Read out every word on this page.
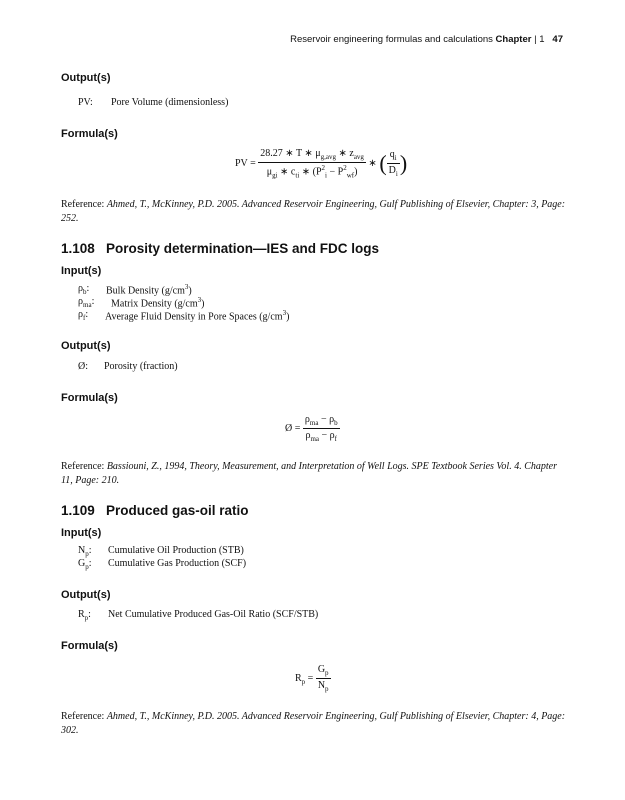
Reservoir engineering formulas and calculations Chapter | 1 47
Output(s)
PV: Pore Volume (dimensionless)
Formula(s)
PV = $\frac{28.27 ∗ T ∗ \mu_{g,avg} ∗ z_{avg}}{\mu_{gi} ∗ c_{ti} ∗ (P^2_i - P^2_{wf})}$ ∗ ( $\frac{q_i}{D_i}$ )
Reference: Ahmed, T., McKinney, P.D. 2005. Advanced Reservoir Engineering, Gulf Publishing of Elsevier, Chapter: 3, Page: 252.
1.108 Porosity determination—IES and FDC logs
Input(s)
$\rho_b$: Bulk Density $(g/cm^3)$
$\rho_{ma}$: Matrix Density $(g/cm^3)$
$\rho_f$: Average Fluid Density in Pore Spaces $(g/cm^3)$
Output(s)
Ø: Porosity (fraction)
Formula(s)
Ø = $\frac{\rho_{ma} - \rho_b}{\rho_{ma} - \rho_f}$
Reference: Bassiouni, Z., 1994, Theory, Measurement, and Interpretation of Well Logs. SPE Textbook Series Vol. 4. Chapter 11, Page: 210.
1.109 Produced gas-oil ratio
Input(s)
$N_p$: Cumulative Oil Production (STB)
$G_p$: Cumulative Gas Production (SCF)
Output(s)
$R_p$: Net Cumulative Produced Gas-Oil Ratio (SCF/STB)
Formula(s)
$R_p = \frac{G_p}{N_p}$
Reference: Ahmed, T., McKinney, P.D. 2005. Advanced Reservoir Engineering, Gulf Publishing of Elsevier, Chapter: 4, Page: 302.
